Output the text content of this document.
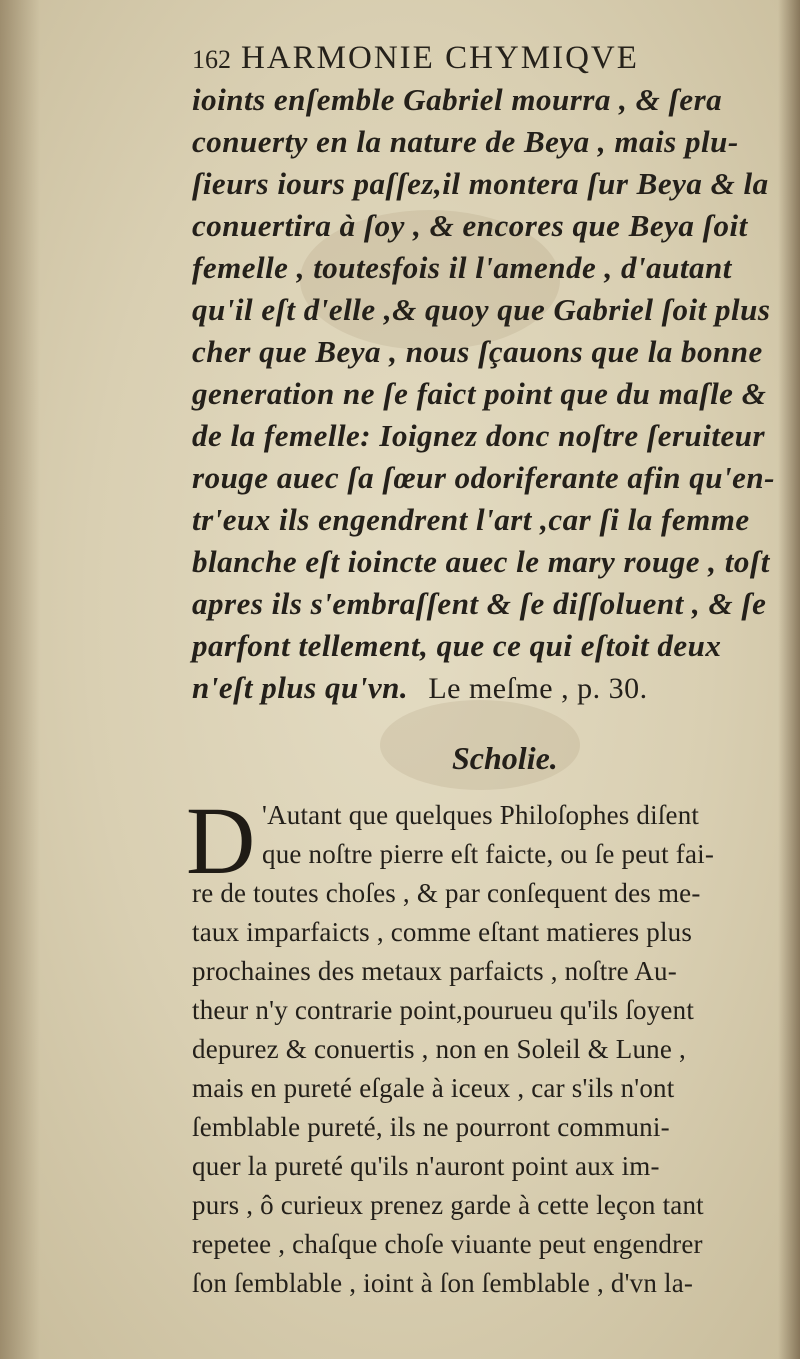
162 HARMONIE CHYMIQVE
ioints enſemble Gabriel mourra , & ſera
conuerty en la nature de Beya , mais plu-
ſieurs iours paſſez,il montera ſur Beya & la
conuertira à ſoy , & encores que Beya ſoit
femelle , toutesfois il l'amende , d'autant
qu'il eſt d'elle ,& quoy que Gabriel ſoit plus
cher que Beya , nous ſçauons que la bonne
generation ne ſe faict point que du maſle &
de la femelle: Ioignez donc noſtre ſeruiteur
rouge auec ſa ſœur odoriferante afin qu'en-
tr'eux ils engendrent l'art ,car ſi la femme
blanche eſt ioincte auec le mary rouge , toſt
apres ils s'embraſſent & ſe diſſoluent , & ſe
parfont tellement, que ce qui eſtoit deux
n'eſt plus qu'vn. Le meſme , p. 30.
Scholie.
D 'Autant que quelques Philoſophes diſent
que noſtre pierre eſt faicte, ou ſe peut fai-
re de toutes choſes , & par conſequent des me-
taux imparfaicts , comme eſtant matieres plus
prochaines des metaux parfaicts , noſtre Au-
theur n'y contrarie point,pourueu qu'ils ſoyent
depurez & conuertis , non en Soleil & Lune ,
mais en pureté eſgale à iceux , car s'ils n'ont
ſemblable pureté, ils ne pourront communi-
quer la pureté qu'ils n'auront point aux im-
purs , ô curieux prenez garde à cette leçon tant
repetee , chaſque choſe viuante peut engendrer
ſon ſemblable , ioint à ſon ſemblable , d'vn la-
